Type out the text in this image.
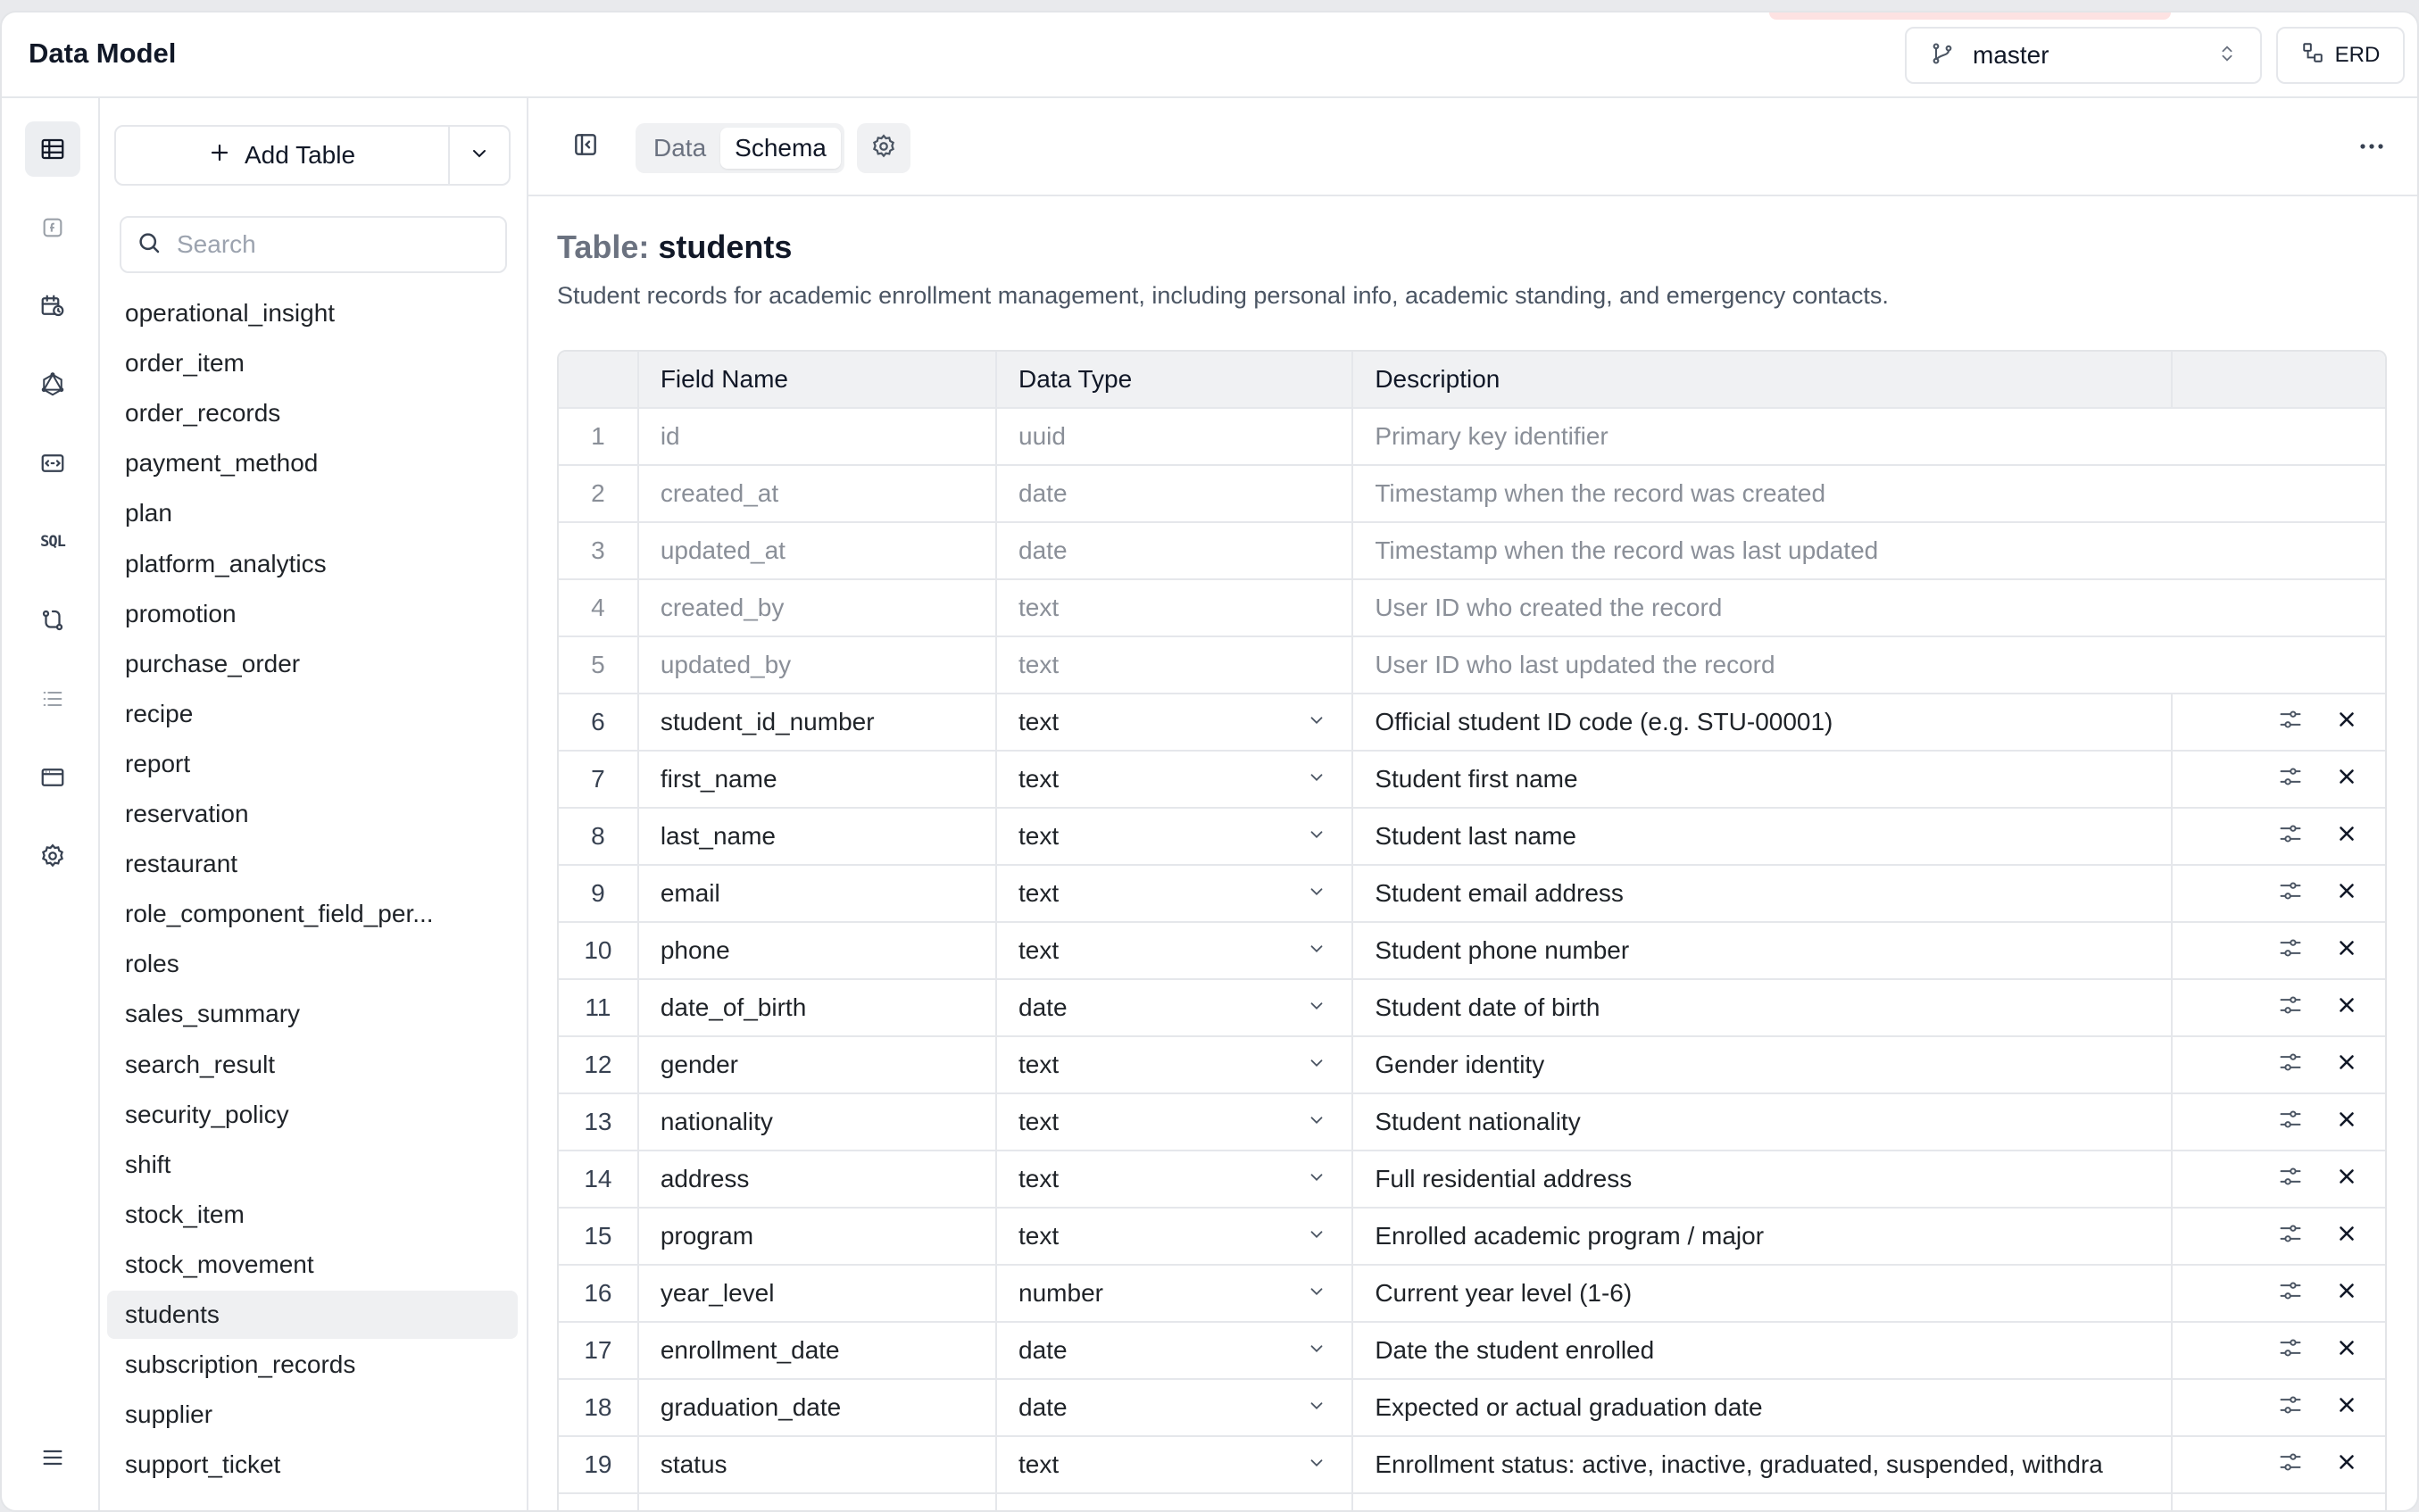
Data Model	master	ERD
SQL
Add Table
Search
operational_insight
order_item
order_records
payment_method
plan
platform_analytics
promotion
purchase_order
recipe
report
reservation
restaurant
role_component_field_per...
roles
sales_summary
search_result
security_policy
shift
stock_item
stock_movement
students
subscription_records
supplier
support_ticket
Data	Schema
Table: students
Student records for academic enrollment management, including personal info, academic standing, and emergency contacts.
Field Name	Data Type	Description
1	id	uuid	Primary key identifier
2	created_at	date	Timestamp when the record was created
3	updated_at	date	Timestamp when the record was last updated
4	created_by	text	User ID who created the record
5	updated_by	text	User ID who last updated the record
6	student_id_number	text	Official student ID code (e.g. STU-00001)
7	first_name	text	Student first name
8	last_name	text	Student last name
9	email	text	Student email address
10	phone	text	Student phone number
11	date_of_birth	date	Student date of birth
12	gender	text	Gender identity
13	nationality	text	Student nationality
14	address	text	Full residential address
15	program	text	Enrolled academic program / major
16	year_level	number	Current year level (1-6)
17	enrollment_date	date	Date the student enrolled
18	graduation_date	date	Expected or actual graduation date
19	status	text	Enrollment status: active, inactive, graduated, suspended, withdra
